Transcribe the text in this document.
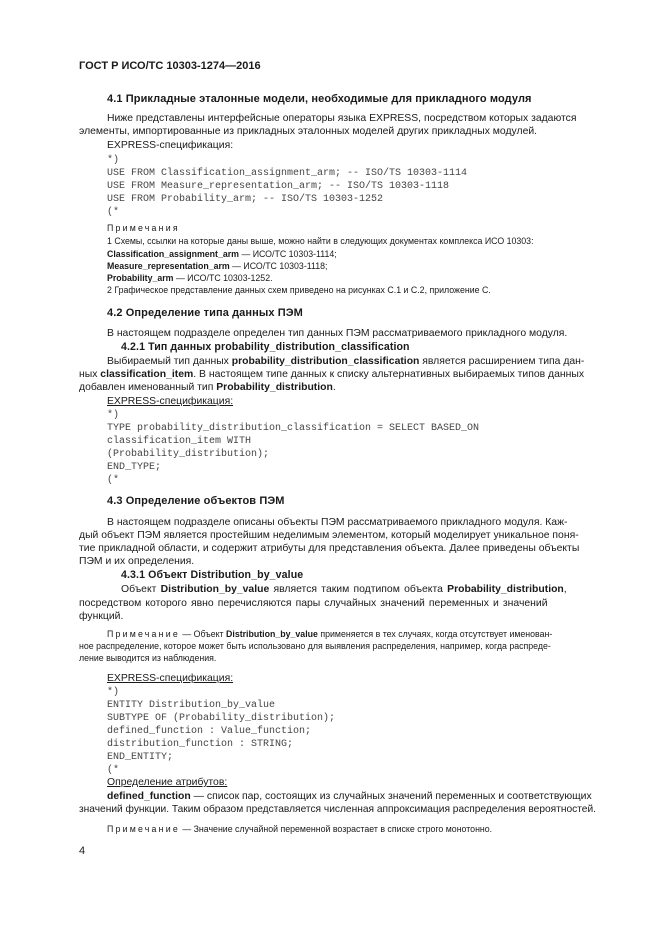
ГОСТ Р ИСО/ТС 10303-1274—2016
4.1 Прикладные эталонные модели, необходимые для прикладного модуля
Ниже представлены интерфейсные операторы языка EXPRESS, посредством которых задаются
элементы, импортированные из прикладных эталонных моделей других прикладных модулей.
EXPRESS-спецификация:
*)
USE FROM Classification_assignment_arm; -- ISO/TS 10303-1114
USE FROM Measure_representation_arm; -- ISO/TS 10303-1118
USE FROM Probability_arm; -- ISO/TS 10303-1252
(*
Примечания
1 Схемы, ссылки на которые даны выше, можно найти в следующих документах комплекса ИСО 10303:
Classification_assignment_arm — ИСО/ТС 10303-1114;
Measure_representation_arm — ИСО/ТС 10303-1118;
Probability_arm — ИСО/ТС 10303-1252.
2 Графическое представление данных схем приведено на рисунках С.1 и С.2, приложение С.
4.2 Определение типа данных ПЭМ
В настоящем подразделе определен тип данных ПЭМ рассматриваемого прикладного модуля.
4.2.1 Тип данных probability_distribution_classification
Выбираемый тип данных probability_distribution_classification является расширением типа дан-
ных classification_item. В настоящем типе данных к списку альтернативных выбираемых типов данных
добавлен именованный тип Probability_distribution.
EXPRESS-спецификация:
*)
TYPE probability_distribution_classification = SELECT BASED_ON
classification_item WITH
(Probability_distribution);
END_TYPE;
(*
4.3 Определение объектов ПЭМ
В настоящем подразделе описаны объекты ПЭМ рассматриваемого прикладного модуля. Каж-
дый объект ПЭМ является простейшим неделимым элементом, который моделирует уникальное поня-
тие прикладной области, и содержит атрибуты для представления объекта. Далее приведены объекты
ПЭМ и их определения.
4.3.1 Объект Distribution_by_value
Объект Distribution_by_value является таким подтипом объекта Probability_distribution,
посредством которого явно перечисляются пары случайных значений переменных и значений
функций.
Примечание — Объект Distribution_by_value применяется в тех случаях, когда отсутствует именован-
ное распределение, которое может быть использовано для выявления распределения, например, когда распреде-
ление выводится из наблюдения.
EXPRESS-спецификация:
*)
ENTITY Distribution_by_value
SUBTYPE OF (Probability_distribution);
defined_function : Value_function;
distribution_function : STRING;
END_ENTITY;
(*
Определение атрибутов:
defined_function — список пар, состоящих из случайных значений переменных и соответствующих
значений функции. Таким образом представляется численная аппроксимация распределения вероятностей.
Примечание — Значение случайной переменной возрастает в списке строго монотонно.
4
